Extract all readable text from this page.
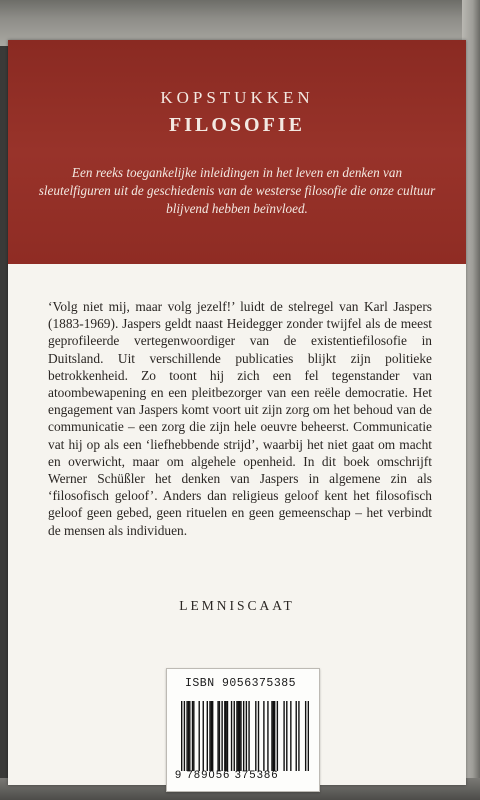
KOPSTUKKEN
FILOSOFIE
Een reeks toegankelijke inleidingen in het leven en denken van sleutelfiguren uit de geschiedenis van de westerse filosofie die onze cultuur blijvend hebben beïnvloed.

‘Volg niet mij, maar volg jezelf!’ luidt de stelregel van Karl Jaspers (1883-1969). Jaspers geldt naast Heidegger zonder twijfel als de meest geprofileerde vertegenwoordiger van de existentiefilosofie in Duitsland. Uit verschillende publicaties blijkt zijn politieke betrokkenheid. Zo toont hij zich een fel tegenstander van atoombewapening en een pleitbezorger van een reële democratie. Het engagement van Jaspers komt voort uit zijn zorg om het behoud van de communicatie – een zorg die zijn hele oeuvre beheerst. Communicatie vat hij op als een ‘liefhebbende strijd’, waarbij het niet gaat om macht en overwicht, maar om algehele openheid. In dit boek omschrijft Werner Schüßler het denken van Jaspers in algemene zin als ‘filosofisch geloof’. Anders dan religieus geloof kent het filosofisch geloof geen gebed, geen rituelen en geen gemeenschap – het verbindt de mensen als individuen.

LEMNISCAAT
ISBN 9056375385
9 789056 375386
